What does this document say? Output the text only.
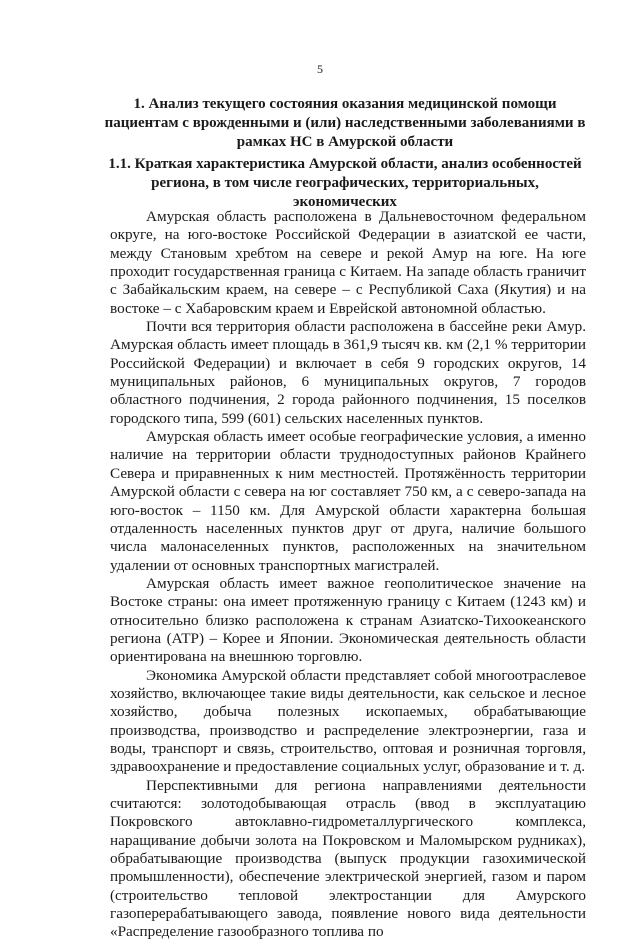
5
1. Анализ текущего состояния оказания медицинской помощи пациентам с врожденными и (или) наследственными заболеваниями в рамках НС в Амурской области
1.1. Краткая характеристика Амурской области, анализ особенностей региона, в том числе географических, территориальных, экономических

Амурская область расположена в Дальневосточном федеральном округе, на юго-востоке Российской Федерации в азиатской ее части, между Становым хребтом на севере и рекой Амур на юге. На юге проходит государственная граница с Китаем. На западе область граничит с Забайкальским краем, на севере – с Республикой Саха (Якутия) и на востоке – с Хабаровским краем и Еврейской автономной областью.

Почти вся территория области расположена в бассейне реки Амур. Амурская область имеет площадь в 361,9 тысяч кв. км (2,1 % территории Российской Федерации) и включает в себя 9 городских округов, 14 муниципальных районов, 6 муниципальных округов, 7 городов областного подчинения, 2 города районного подчинения, 15 поселков городского типа, 599 (601) сельских населенных пунктов.

Амурская область имеет особые географические условия, а именно наличие на территории области труднодоступных районов Крайнего Севера и приравненных к ним местностей. Протяжённость территории Амурской области с севера на юг составляет 750 км, а с северо-запада на юго-восток – 1150 км. Для Амурской области характерна большая отдаленность населенных пунктов друг от друга, наличие большого числа малонаселенных пунктов, расположенных на значительном удалении от основных транспортных магистралей.

Амурская область имеет важное геополитическое значение на Востоке страны: она имеет протяженную границу с Китаем (1243 км) и относительно близко расположена к странам Азиатско-Тихоокеанского региона (АТР) – Корее и Японии. Экономическая деятельность области ориентирована на внешнюю торговлю.

Экономика Амурской области представляет собой многоотраслевое хозяйство, включающее такие виды деятельности, как сельское и лесное хозяйство, добыча полезных ископаемых, обрабатывающие производства, производство и распределение электроэнергии, газа и воды, транспорт и связь, строительство, оптовая и розничная торговля, здравоохранение и предоставление социальных услуг, образование и т. д.

Перспективными для региона направлениями деятельности считаются: золотодобывающая отрасль (ввод в эксплуатацию Покровского автоклавно-гидрометаллургического комплекса, наращивание добычи золота на Покровском и Маломырском рудниках), обрабатывающие производства (выпуск продукции газохимической промышленности), обеспечение электрической энергией, газом и паром (строительство тепловой электростанции для Амурского газоперерабатывающего завода, появление нового вида деятельности «Распределение газообразного топлива по
